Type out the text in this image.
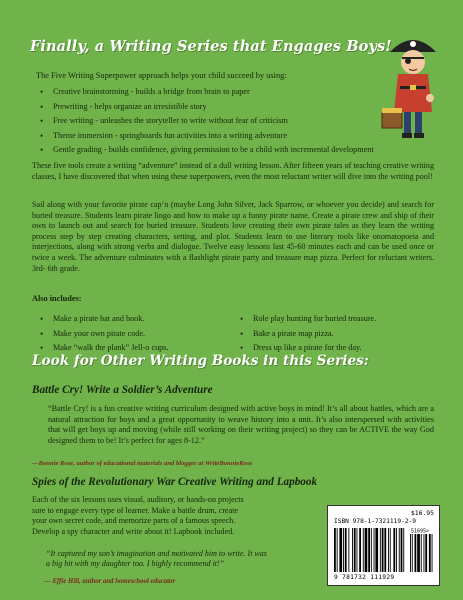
Finally, a Writing Series that Engages Boys!
The Five Writing Superpower approach helps your child succeed by using:
• Creative brainstorming - builds a bridge from brain to paper
• Prewriting - helps organize an irresistible story
• Free writing - unleashes the storyteller to write without fear of criticism
• Theme immersion - springboards fun activities into a writing adventure
• Gentle grading - builds confidence, giving permission to be a child with incremental development
These five tools create a writing “adventure” instead of a dull writing lesson. After fifteen years of teaching creative writing classes, I have discovered that when using these superpowers, even the most reluctant writer will dive into the writing pool!
Sail along with your favorite pirate cap’n (maybe Long John Silver, Jack Sparrow, or whoever you decide) and search for buried treasure. Students learn pirate lingo and how to make up a funny pirate name. Create a pirate crew and ship of their own to launch out and search for buried treasure. Students love creating their own pirate tales as they learn the writing process step by step creating characters, setting, and plot. Students learn to use literary tools like onomatopoeia and interjections, along with strong verbs and dialogue. Twelve easy lessons last 45-60 minutes each and can be used once or twice a week. The adventure culminates with a flashlight pirate party and treasure map pizza. Perfect for reluctant writers. 3rd- 6th grade.
Also includes:
• Make a pirate hat and hook.
• Make your own pirate code.
• Make “walk the plank” Jell-o cups.
• Role play hunting for buried treasure.
• Bake a pirate map pizza.
• Dress up like a pirate for the day.
Look for Other Writing Books in this Series:
Battle Cry! Write a Soldier’s Adventure
“Battle Cry! is a fun creative writing curriculum designed with active boys in mind! It’s all about battles, which are a natural attraction for boys and a great opportunity to weave history into a unit. It’s also interspersed with activities that will get boys up and moving (while still working on their writing project) so they can be ACTIVE the way God designed them to be! It’s perfect for ages 8-12.”
—Bonnie Rose, author of educational materials and blogger at WriteBonnieRose
Spies of the Revolutionary War Creative Writing and Lapbook
Each of the six lessons uses visual, auditory, or hands-on projects sure to engage every type of learner. Make a battle drum, create your own secret code, and memorize parts of a famous speech. Develop a spy character and write about it! Lapbook included.
“It captured my son’s imagination and motivated him to write. It was a big hit with my daughter too. I highly recommend it!”
— Effie Hill, author and homeschool educator
$16.95
ISBN 978-1-7321119-2-9
51695>
9 781732 111929
